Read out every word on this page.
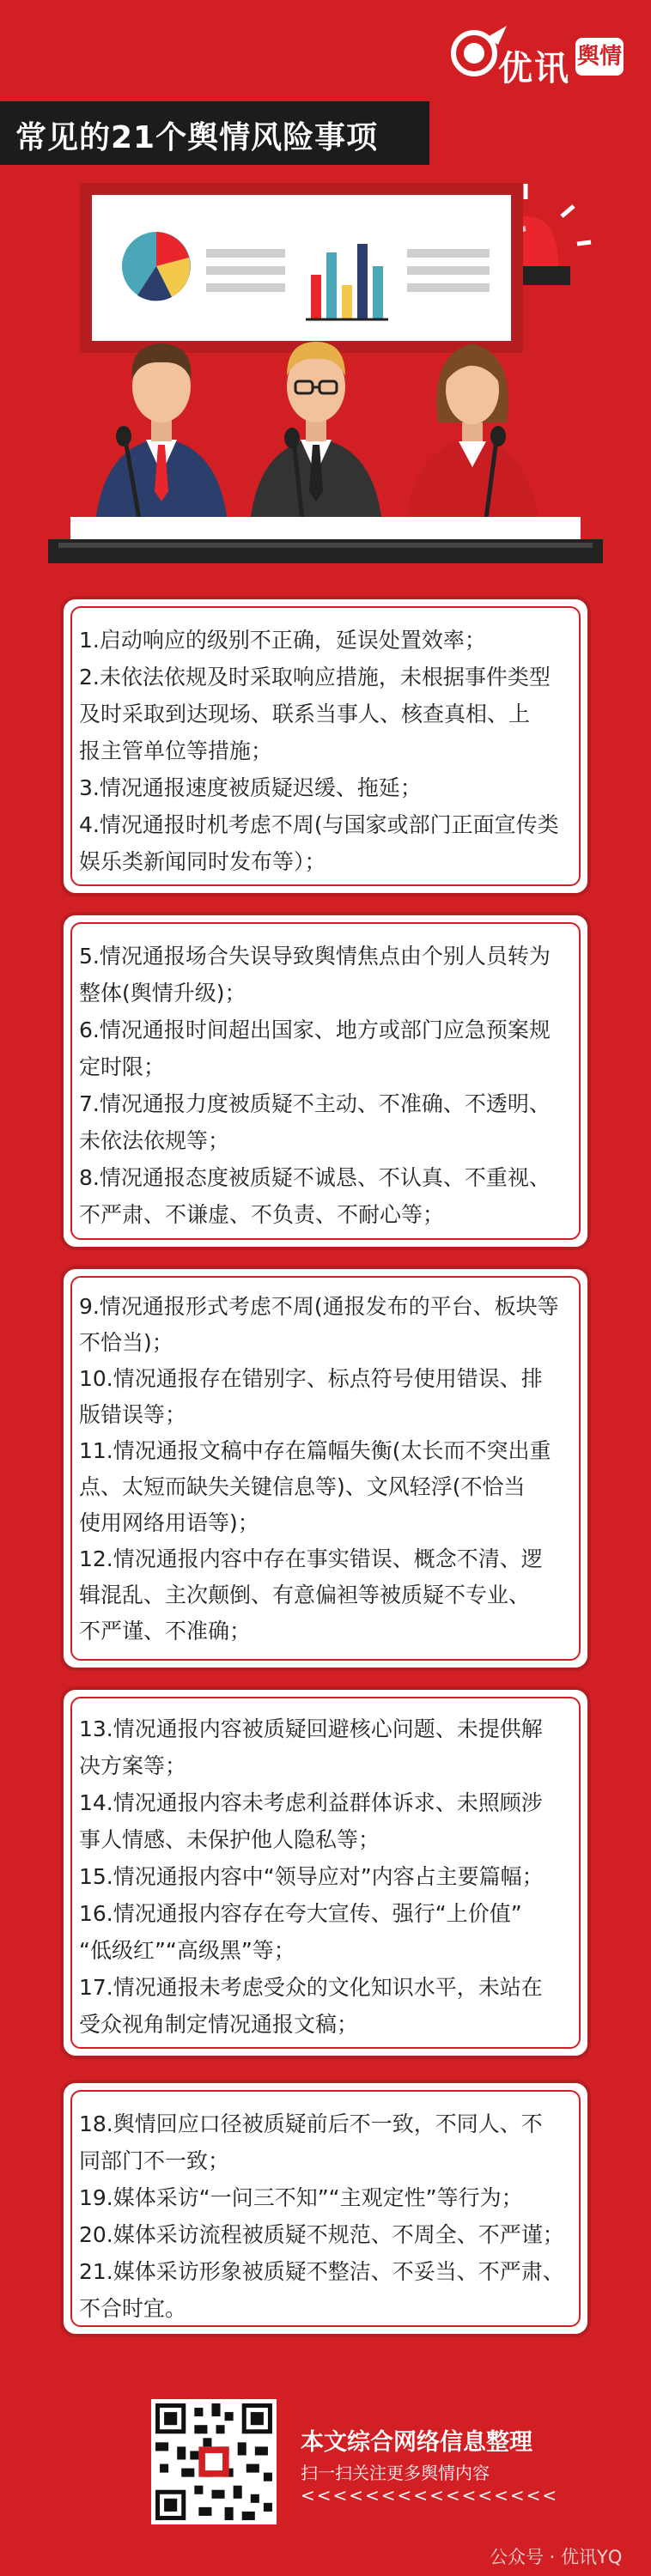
优讯 舆情
常见的21个舆情风险事项
1.启动响应的级别不正确，延误处置效率；
2.未依法依规及时采取响应措施，未根据事件类型
及时采取到达现场、联系当事人、核查真相、上
报主管单位等措施；
3.情况通报速度被质疑迟缓、拖延；
4.情况通报时机考虑不周(与国家或部门正面宣传类
娱乐类新闻同时发布等）；
5.情况通报场合失误导致舆情焦点由个别人员转为
整体(舆情升级)；
6.情况通报时间超出国家、地方或部门应急预案规
定时限；
7.情况通报力度被质疑不主动、不准确、不透明、
未依法依规等；
8.情况通报态度被质疑不诚恳、不认真、不重视、
不严肃、不谦虚、不负责、不耐心等；
9.情况通报形式考虑不周(通报发布的平台、板块等
不恰当)；
10.情况通报存在错别字、标点符号使用错误、排
版错误等；
11.情况通报文稿中存在篇幅失衡(太长而不突出重
点、太短而缺失关键信息等)、文风轻浮(不恰当
使用网络用语等)；
12.情况通报内容中存在事实错误、概念不清、逻
辑混乱、主次颠倒、有意偏袒等被质疑不专业、
不严谨、不准确；
13.情况通报内容被质疑回避核心问题、未提供解
决方案等；
14.情况通报内容未考虑利益群体诉求、未照顾涉
事人情感、未保护他人隐私等；
15.情况通报内容中“领导应对”内容占主要篇幅；
16.情况通报内容存在夸大宣传、强行“上价值”
“低级红”“高级黑”等；
17.情况通报未考虑受众的文化知识水平，未站在
受众视角制定情况通报文稿；
18.舆情回应口径被质疑前后不一致，不同人、不
同部门不一致；
19.媒体采访“一问三不知”“主观定性”等行为；
20.媒体采访流程被质疑不规范、不周全、不严谨；
21.媒体采访形象被质疑不整洁、不妥当、不严肃、
不合时宜。
本文综合网络信息整理
扫一扫关注更多舆情内容
<<<<<<<<<<<<<<<<
公众号 · 优讯YQ
